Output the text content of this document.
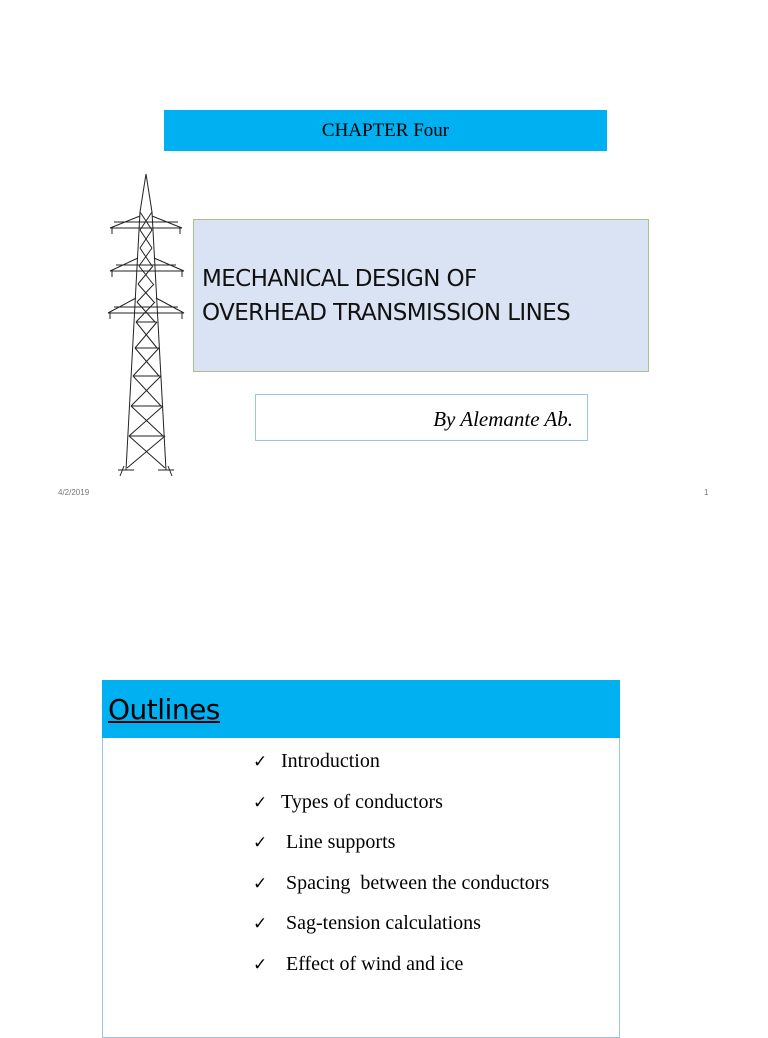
CHAPTER Four
MECHANICAL DESIGN OF
OVERHEAD TRANSMISSION LINES
By Alemante Ab.
4/2/2019	1
Outlines
✓ Introduction
✓ Types of conductors
✓ Line supports
✓ Spacing  between the conductors
✓ Sag-tension calculations
✓ Effect of wind and ice
